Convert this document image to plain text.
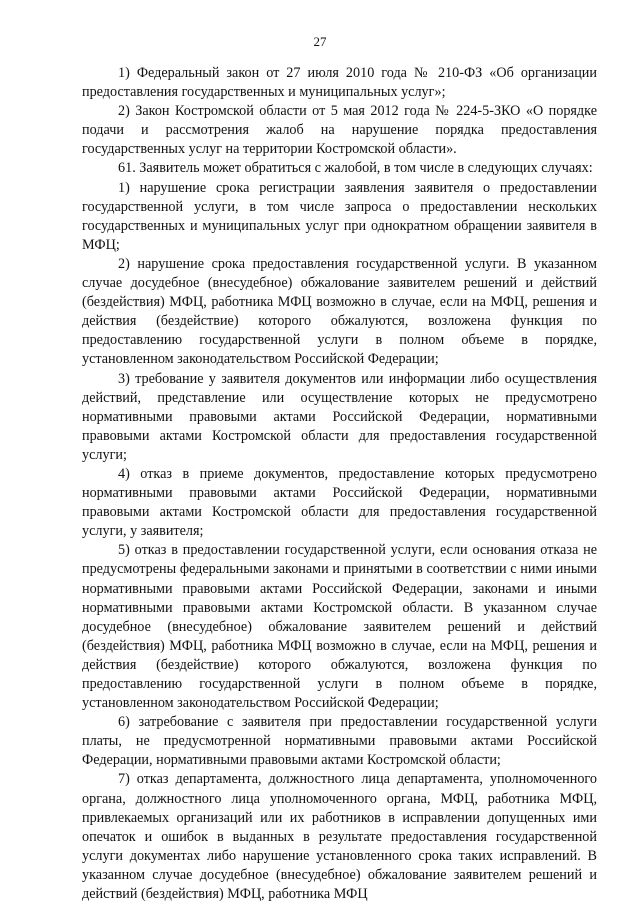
27

1) Федеральный закон от 27 июля 2010 года № 210-ФЗ «Об организации предоставления государственных и муниципальных услуг»;

2) Закон Костромской области от 5 мая 2012 года № 224-5-ЗКО «О порядке подачи и рассмотрения жалоб на нарушение порядка предоставления государственных услуг на территории Костромской области».

61. Заявитель может обратиться с жалобой, в том числе в следующих случаях:

1) нарушение срока регистрации заявления заявителя о предоставлении государственной услуги, в том числе запроса о предоставлении нескольких государственных и муниципальных услуг при однократном обращении заявителя в МФЦ;

2) нарушение срока предоставления государственной услуги. В указанном случае досудебное (внесудебное) обжалование заявителем решений и действий (бездействия) МФЦ, работника МФЦ возможно в случае, если на МФЦ, решения и действия (бездействие) которого обжалуются, возложена функция по предоставлению государственной услуги в полном объеме в порядке, установленном законодательством Российской Федерации;

3) требование у заявителя документов или информации либо осуществления действий, представление или осуществление которых не предусмотрено нормативными правовыми актами Российской Федерации, нормативными правовыми актами Костромской области для предоставления государственной услуги;

4) отказ в приеме документов, предоставление которых предусмотрено нормативными правовыми актами Российской Федерации, нормативными правовыми актами Костромской области для предоставления государственной услуги, у заявителя;

5) отказ в предоставлении государственной услуги, если основания отказа не предусмотрены федеральными законами и принятыми в соответствии с ними иными нормативными правовыми актами Российской Федерации, законами и иными нормативными правовыми актами Костромской области. В указанном случае досудебное (внесудебное) обжалование заявителем решений и действий (бездействия) МФЦ, работника МФЦ возможно в случае, если на МФЦ, решения и действия (бездействие) которого обжалуются, возложена функция по предоставлению государственной услуги в полном объеме в порядке, установленном законодательством Российской Федерации;

6) затребование с заявителя при предоставлении государственной услуги платы, не предусмотренной нормативными правовыми актами Российской Федерации, нормативными правовыми актами Костромской области;

7) отказ департамента, должностного лица департамента, уполномоченного органа, должностного лица уполномоченного органа, МФЦ, работника МФЦ, привлекаемых организаций или их работников в исправлении допущенных ими опечаток и ошибок в выданных в результате предоставления государственной услуги документах либо нарушение установленного срока таких исправлений. В указанном случае досудебное (внесудебное) обжалование заявителем решений и действий (бездействия) МФЦ, работника МФЦ
